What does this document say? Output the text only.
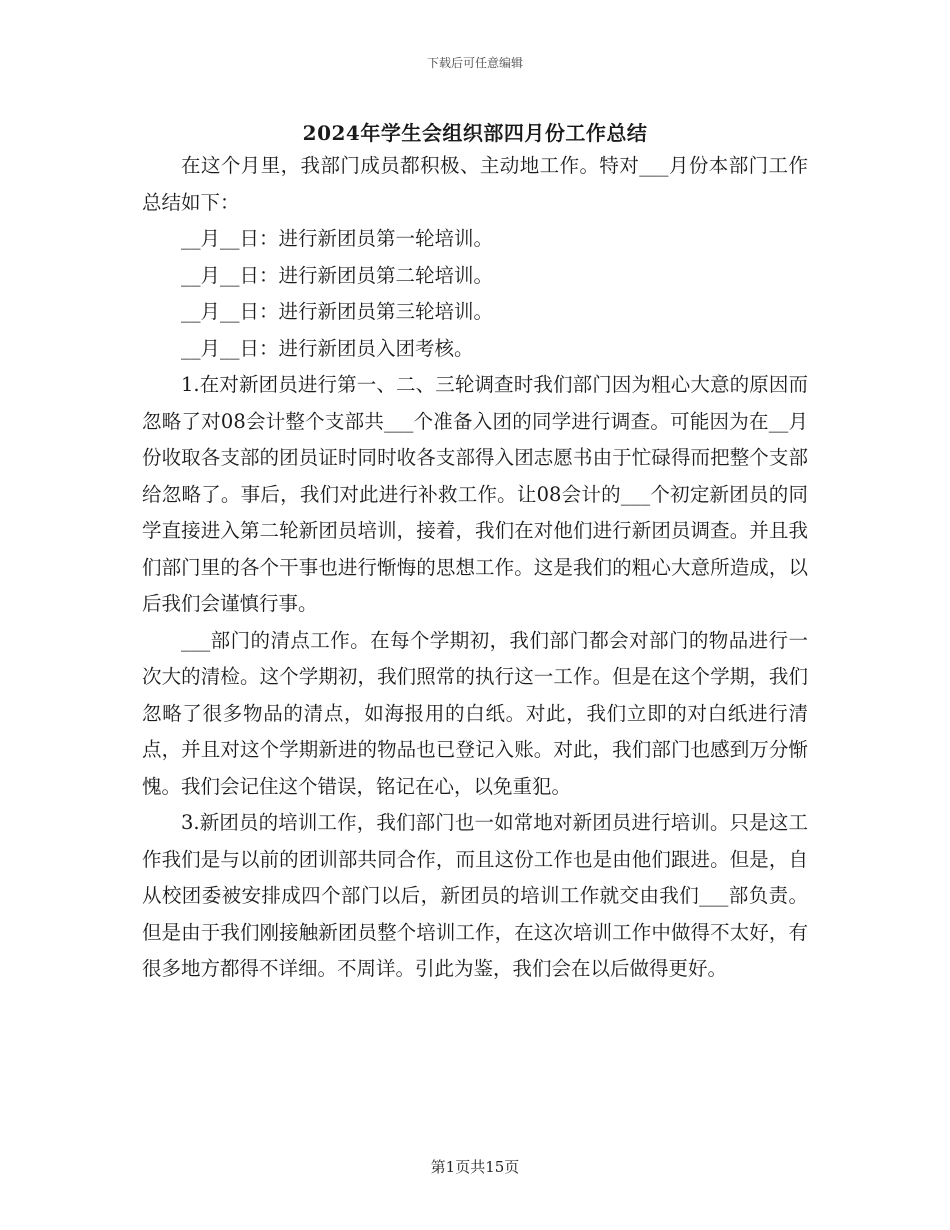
下载后可任意编辑
2024年学生会组织部四月份工作总结

在这个月里，我部门成员都积极、主动地工作。特对___月份本部门工作总结如下：

__月__日：进行新团员第一轮培训。

__月__日：进行新团员第二轮培训。

__月__日：进行新团员第三轮培训。

__月__日：进行新团员入团考核。

1.在对新团员进行第一、二、三轮调查时我们部门因为粗心大意的原因而忽略了对08会计整个支部共___个准备入团的同学进行调查。可能因为在__月份收取各支部的团员证时同时收各支部得入团志愿书由于忙碌得而把整个支部给忽略了。事后，我们对此进行补救工作。让08会计的___个初定新团员的同学直接进入第二轮新团员培训，接着，我们在对他们进行新团员调查。并且我们部门里的各个干事也进行惭悔的思想工作。这是我们的粗心大意所造成，以后我们会谨慎行事。

___部门的清点工作。在每个学期初，我们部门都会对部门的物品进行一次大的清检。这个学期初，我们照常的执行这一工作。但是在这个学期，我们忽略了很多物品的清点，如海报用的白纸。对此，我们立即的对白纸进行清点，并且对这个学期新进的物品也已登记入账。对此，我们部门也感到万分惭愧。我们会记住这个错误，铭记在心，以免重犯。

3.新团员的培训工作，我们部门也一如常地对新团员进行培训。只是这工作我们是与以前的团训部共同合作，而且这份工作也是由他们跟进。但是，自从校团委被安排成四个部门以后，新团员的培训工作就交由我们___部负责。但是由于我们刚接触新团员整个培训工作，在这次培训工作中做得不太好，有很多地方都得不详细。不周详。引此为鉴，我们会在以后做得更好。

第1页共15页
